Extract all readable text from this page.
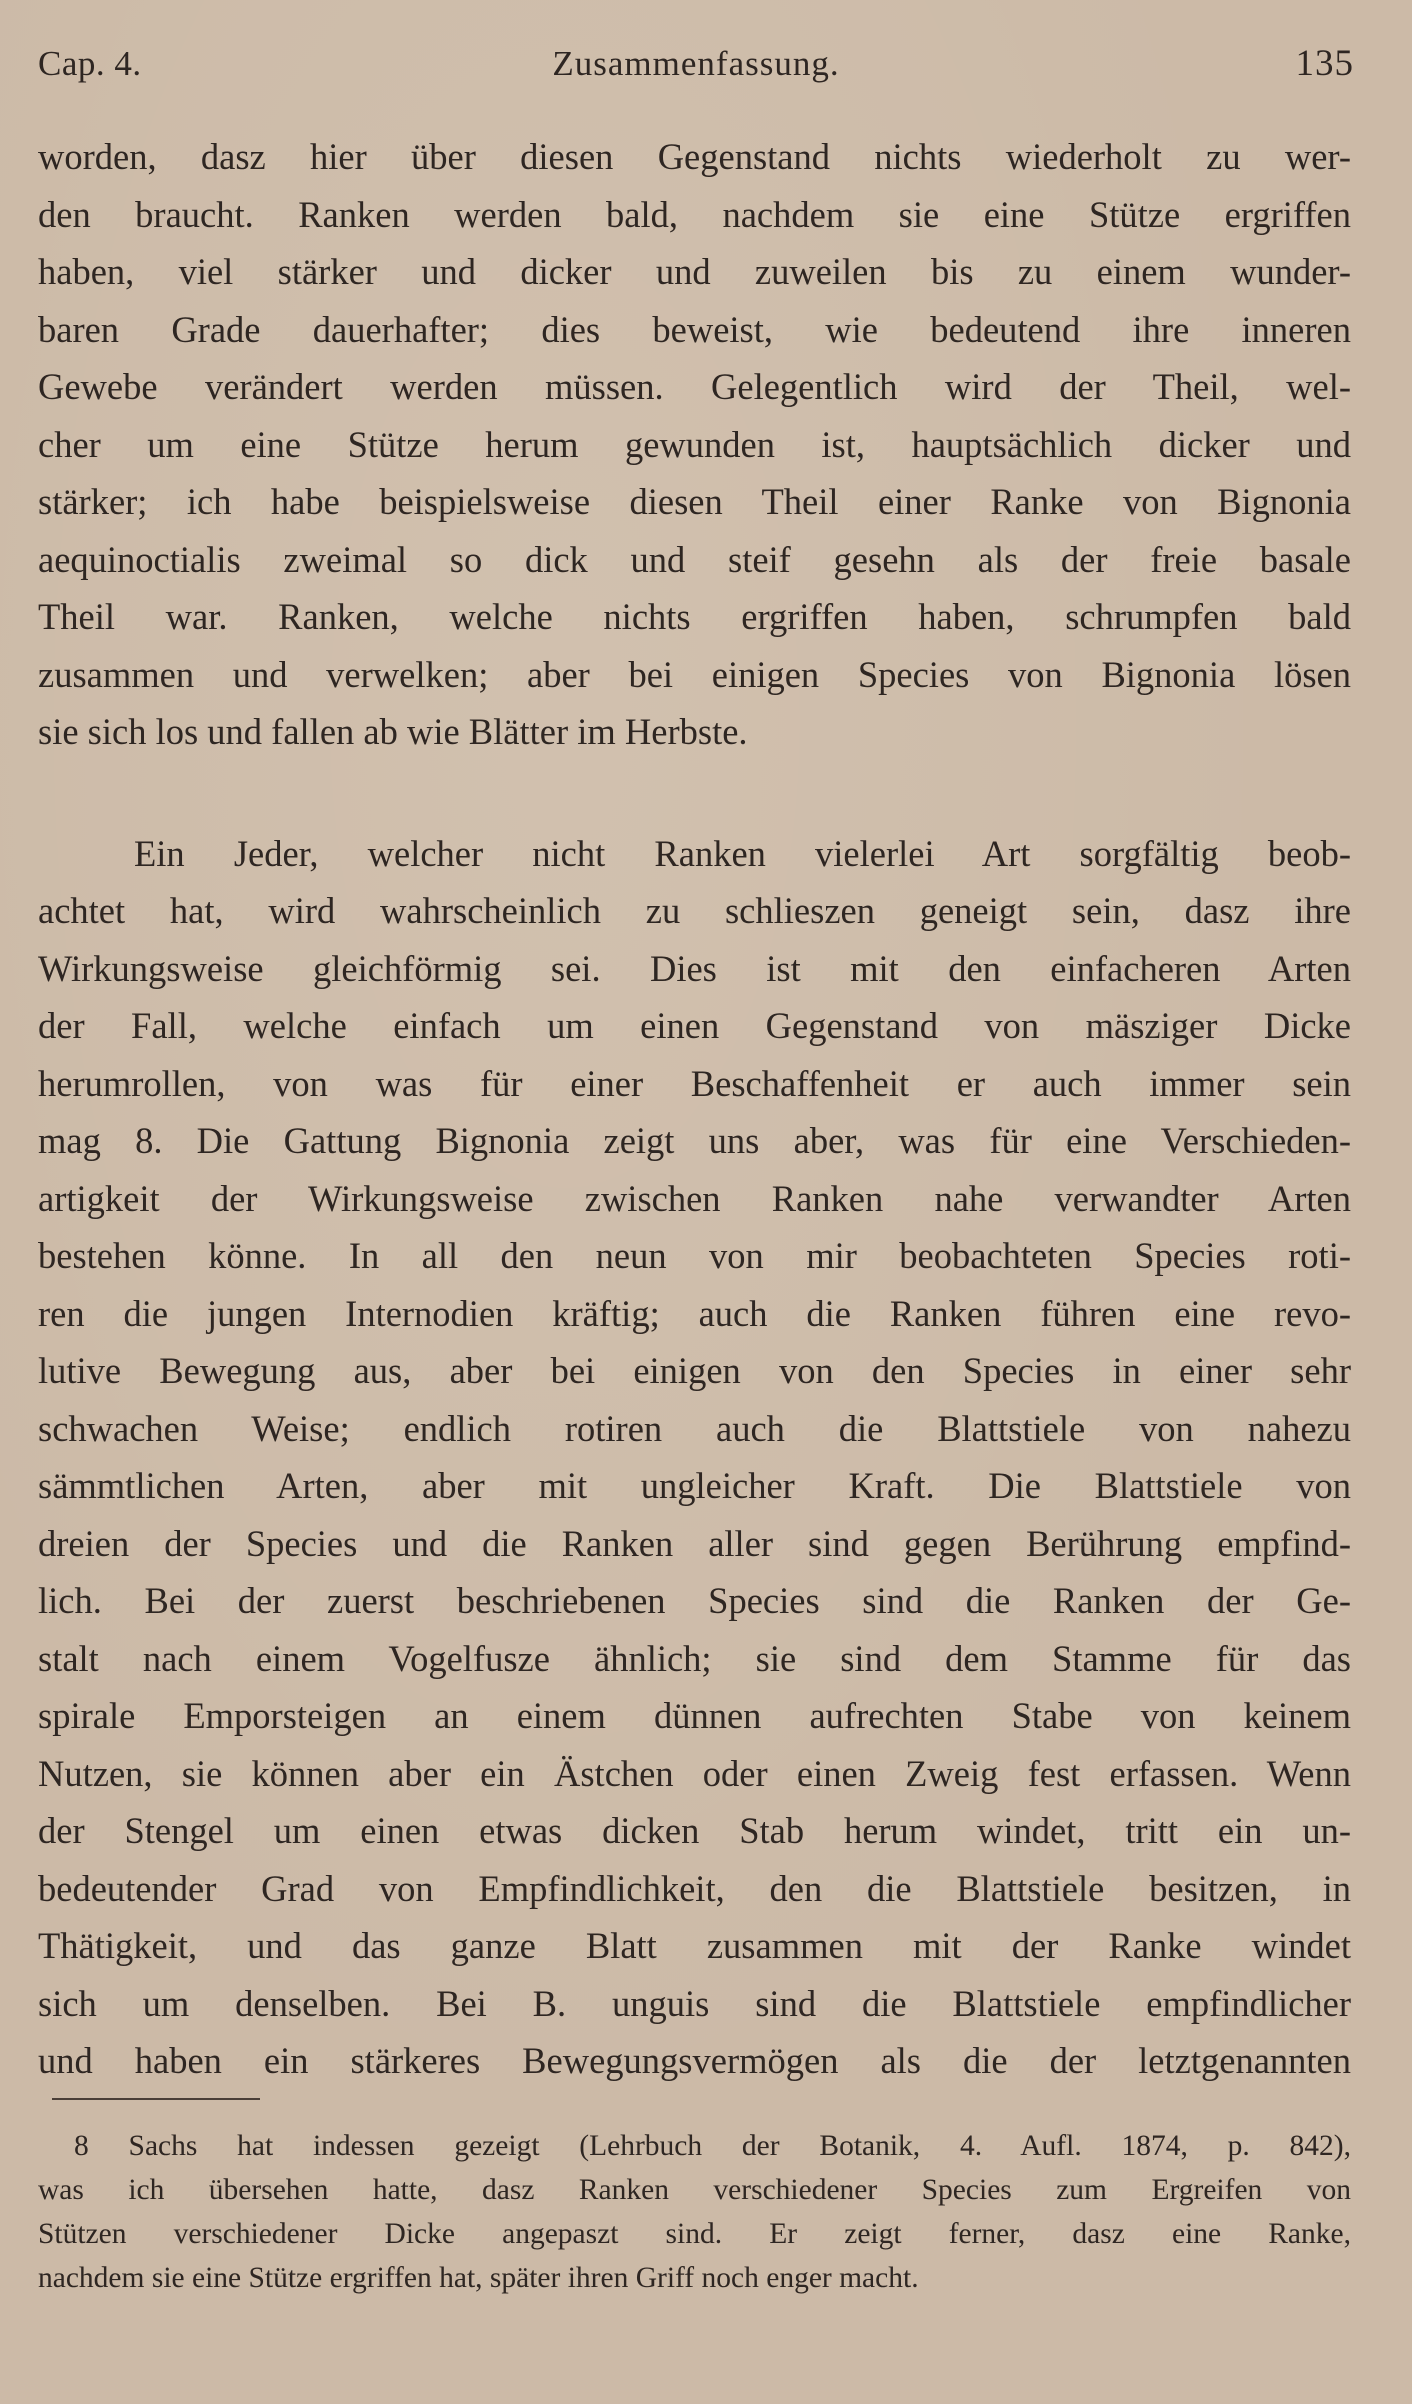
Cap. 4.	Zusammenfassung.	135
worden, dasz hier über diesen Gegenstand nichts wiederholt zu wer-
den braucht. Ranken werden bald, nachdem sie eine Stütze ergriffen
haben, viel stärker und dicker und zuweilen bis zu einem wunder-
baren Grade dauerhafter; dies beweist, wie bedeutend ihre inneren
Gewebe verändert werden müssen. Gelegentlich wird der Theil, wel-
cher um eine Stütze herum gewunden ist, hauptsächlich dicker und
stärker; ich habe beispielsweise diesen Theil einer Ranke von Bignonia
aequinoctialis zweimal so dick und steif gesehn als der freie basale
Theil war. Ranken, welche nichts ergriffen haben, schrumpfen bald
zusammen und verwelken; aber bei einigen Species von Bignonia lösen
sie sich los und fallen ab wie Blätter im Herbste.
Ein Jeder, welcher nicht Ranken vielerlei Art sorgfältig beob-
achtet hat, wird wahrscheinlich zu schlieszen geneigt sein, dasz ihre
Wirkungsweise gleichförmig sei. Dies ist mit den einfacheren Arten
der Fall, welche einfach um einen Gegenstand von mäsziger Dicke
herumrollen, von was für einer Beschaffenheit er auch immer sein
mag 8. Die Gattung Bignonia zeigt uns aber, was für eine Verschieden-
artigkeit der Wirkungsweise zwischen Ranken nahe verwandter Arten
bestehen könne. In all den neun von mir beobachteten Species roti-
ren die jungen Internodien kräftig; auch die Ranken führen eine revo-
lutive Bewegung aus, aber bei einigen von den Species in einer sehr
schwachen Weise; endlich rotiren auch die Blattstiele von nahezu
sämmtlichen Arten, aber mit ungleicher Kraft. Die Blattstiele von
dreien der Species und die Ranken aller sind gegen Berührung empfind-
lich. Bei der zuerst beschriebenen Species sind die Ranken der Ge-
stalt nach einem Vogelfusze ähnlich; sie sind dem Stamme für das
spirale Emporsteigen an einem dünnen aufrechten Stabe von keinem
Nutzen, sie können aber ein Ästchen oder einen Zweig fest erfassen. Wenn
der Stengel um einen etwas dicken Stab herum windet, tritt ein un-
bedeutender Grad von Empfindlichkeit, den die Blattstiele besitzen, in
Thätigkeit, und das ganze Blatt zusammen mit der Ranke windet
sich um denselben. Bei B. unguis sind die Blattstiele empfindlicher
und haben ein stärkeres Bewegungsvermögen als die der letztgenannten
8 Sachs hat indessen gezeigt (Lehrbuch der Botanik, 4. Aufl. 1874, p. 842),
was ich übersehen hatte, dasz Ranken verschiedener Species zum Ergreifen von
Stützen verschiedener Dicke angepaszt sind. Er zeigt ferner, dasz eine Ranke,
nachdem sie eine Stütze ergriffen hat, später ihren Griff noch enger macht.
